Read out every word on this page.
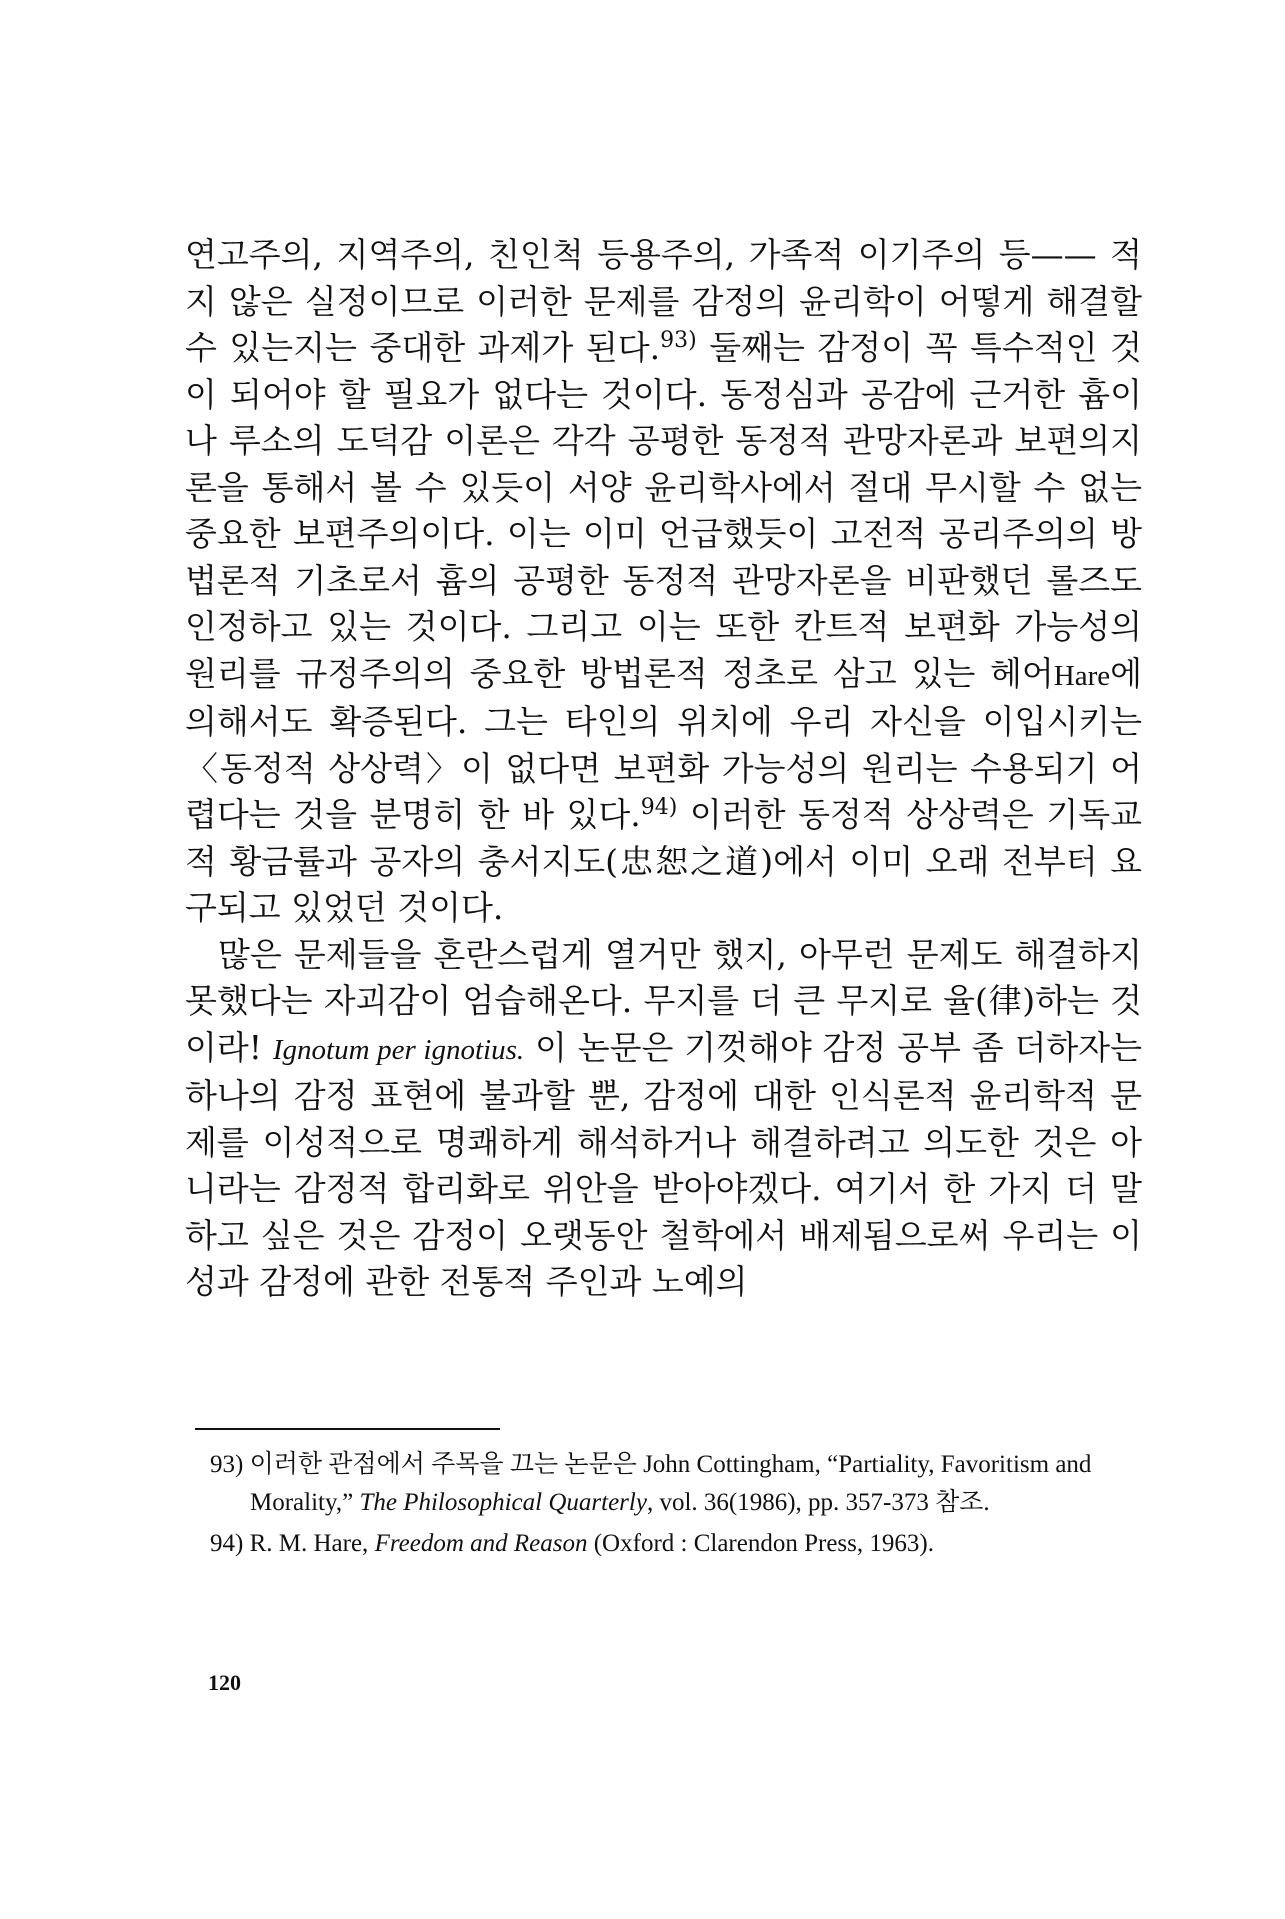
연고주의, 지역주의, 친인척 등용주의, 가족적 이기주의 등—— 적지 않은 실정이므로 이러한 문제를 감정의 윤리학이 어떻게 해결할 수 있는지는 중대한 과제가 된다.$^{93)}$ 둘째는 감정이 꼭 특수적인 것이 되어야 할 필요가 없다는 것이다. 동정심과 공감에 근거한 흄이나 루소의 도덕감 이론은 각각 공평한 동정적 관망자론과 보편의지론을 통해서 볼 수 있듯이 서양 윤리학사에서 절대 무시할 수 없는 중요한 보편주의이다. 이는 이미 언급했듯이 고전적 공리주의의 방법론적 기초로서 흄의 공평한 동정적 관망자론을 비판했던 롤즈도 인정하고 있는 것이다. 그리고 이는 또한 칸트적 보편화 가능성의 원리를 규정주의의 중요한 방법론적 정초로 삼고 있는 헤어Hare에 의해서도 확증된다. 그는 타인의 위치에 우리 자신을 이입시키는 〈동정적 상상력〉이 없다면 보편화 가능성의 원리는 수용되기 어렵다는 것을 분명히 한 바 있다.$^{94)}$ 이러한 동정적 상상력은 기독교적 황금률과 공자의 충서지도(忠恕之道)에서 이미 오래 전부터 요구되고 있었던 것이다.

많은 문제들을 혼란스럽게 열거만 했지, 아무런 문제도 해결하지 못했다는 자괴감이 엄습해온다. 무지를 더 큰 무지로 율(律)하는 것이라! Ignotum per ignotius. 이 논문은 기껏해야 감정 공부 좀 더하자는 하나의 감정 표현에 불과할 뿐, 감정에 대한 인식론적 윤리학적 문제를 이성적으로 명쾌하게 해석하거나 해결하려고 의도한 것은 아니라는 감정적 합리화로 위안을 받아야겠다. 여기서 한 가지 더 말하고 싶은 것은 감정이 오랫동안 철학에서 배제됨으로써 우리는 이성과 감정에 관한 전통적 주인과 노예의

93) 이러한 관점에서 주목을 끄는 논문은 John Cottingham, “Partiality, Favoritism and Morality,” The Philosophical Quarterly, vol. 36(1986), pp. 357-373 참조.
94) R. M. Hare, Freedom and Reason (Oxford : Clarendon Press, 1963).
120
